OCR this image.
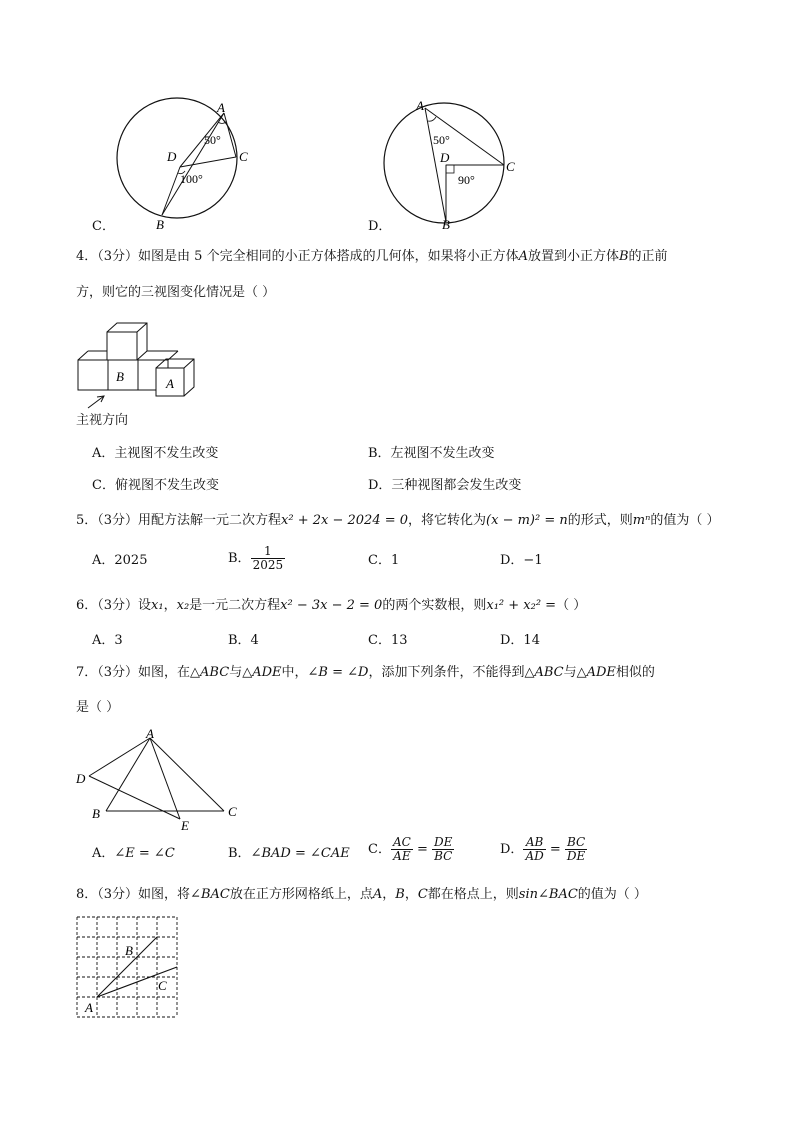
A
D	C
B
50°
100°
C．
A
D
C
B
50°
90°
D．
4．（3分）如图是由 5 个完全相同的小正方体搭成的几何体，如果将小正方体A放置到小正方体B的正前
方，则它的三视图变化情况是（ ）
B	A
主视方向
A．主视图不发生改变	B．左视图不发生改变
C．俯视图不发生改变	D．三种视图都会发生改变
5．（3分）用配方法解一元二次方程x² + 2x − 2024 = 0，将它转化为(x − m)² = n的形式，则mⁿ的值为（ ）
A．2025	B． $\frac{1}{2025}$	C．1	D．−1
6．（3分）设x₁，x₂是一元二次方程x² − 3x − 2 = 0的两个实数根，则x₁² + x₂² =（ ）
A．3	B．4	C．13	D．14
7．（3分）如图，在△ABC与△ADE中，∠B = ∠D，添加下列条件，不能得到△ABC与△ADE相似的
是（ ）
A
D
B	C
E
A．∠E = ∠C	B．∠BAD = ∠CAE C． $\frac{AC}{AE} = \frac{DE}{BC}$	D． $\frac{AB}{AD} = \frac{BC}{DE}$
8．（3分）如图，将∠BAC放在正方形网格纸上，点A，B，C都在格点上，则sin∠BAC的值为（ ）
B
C
A
